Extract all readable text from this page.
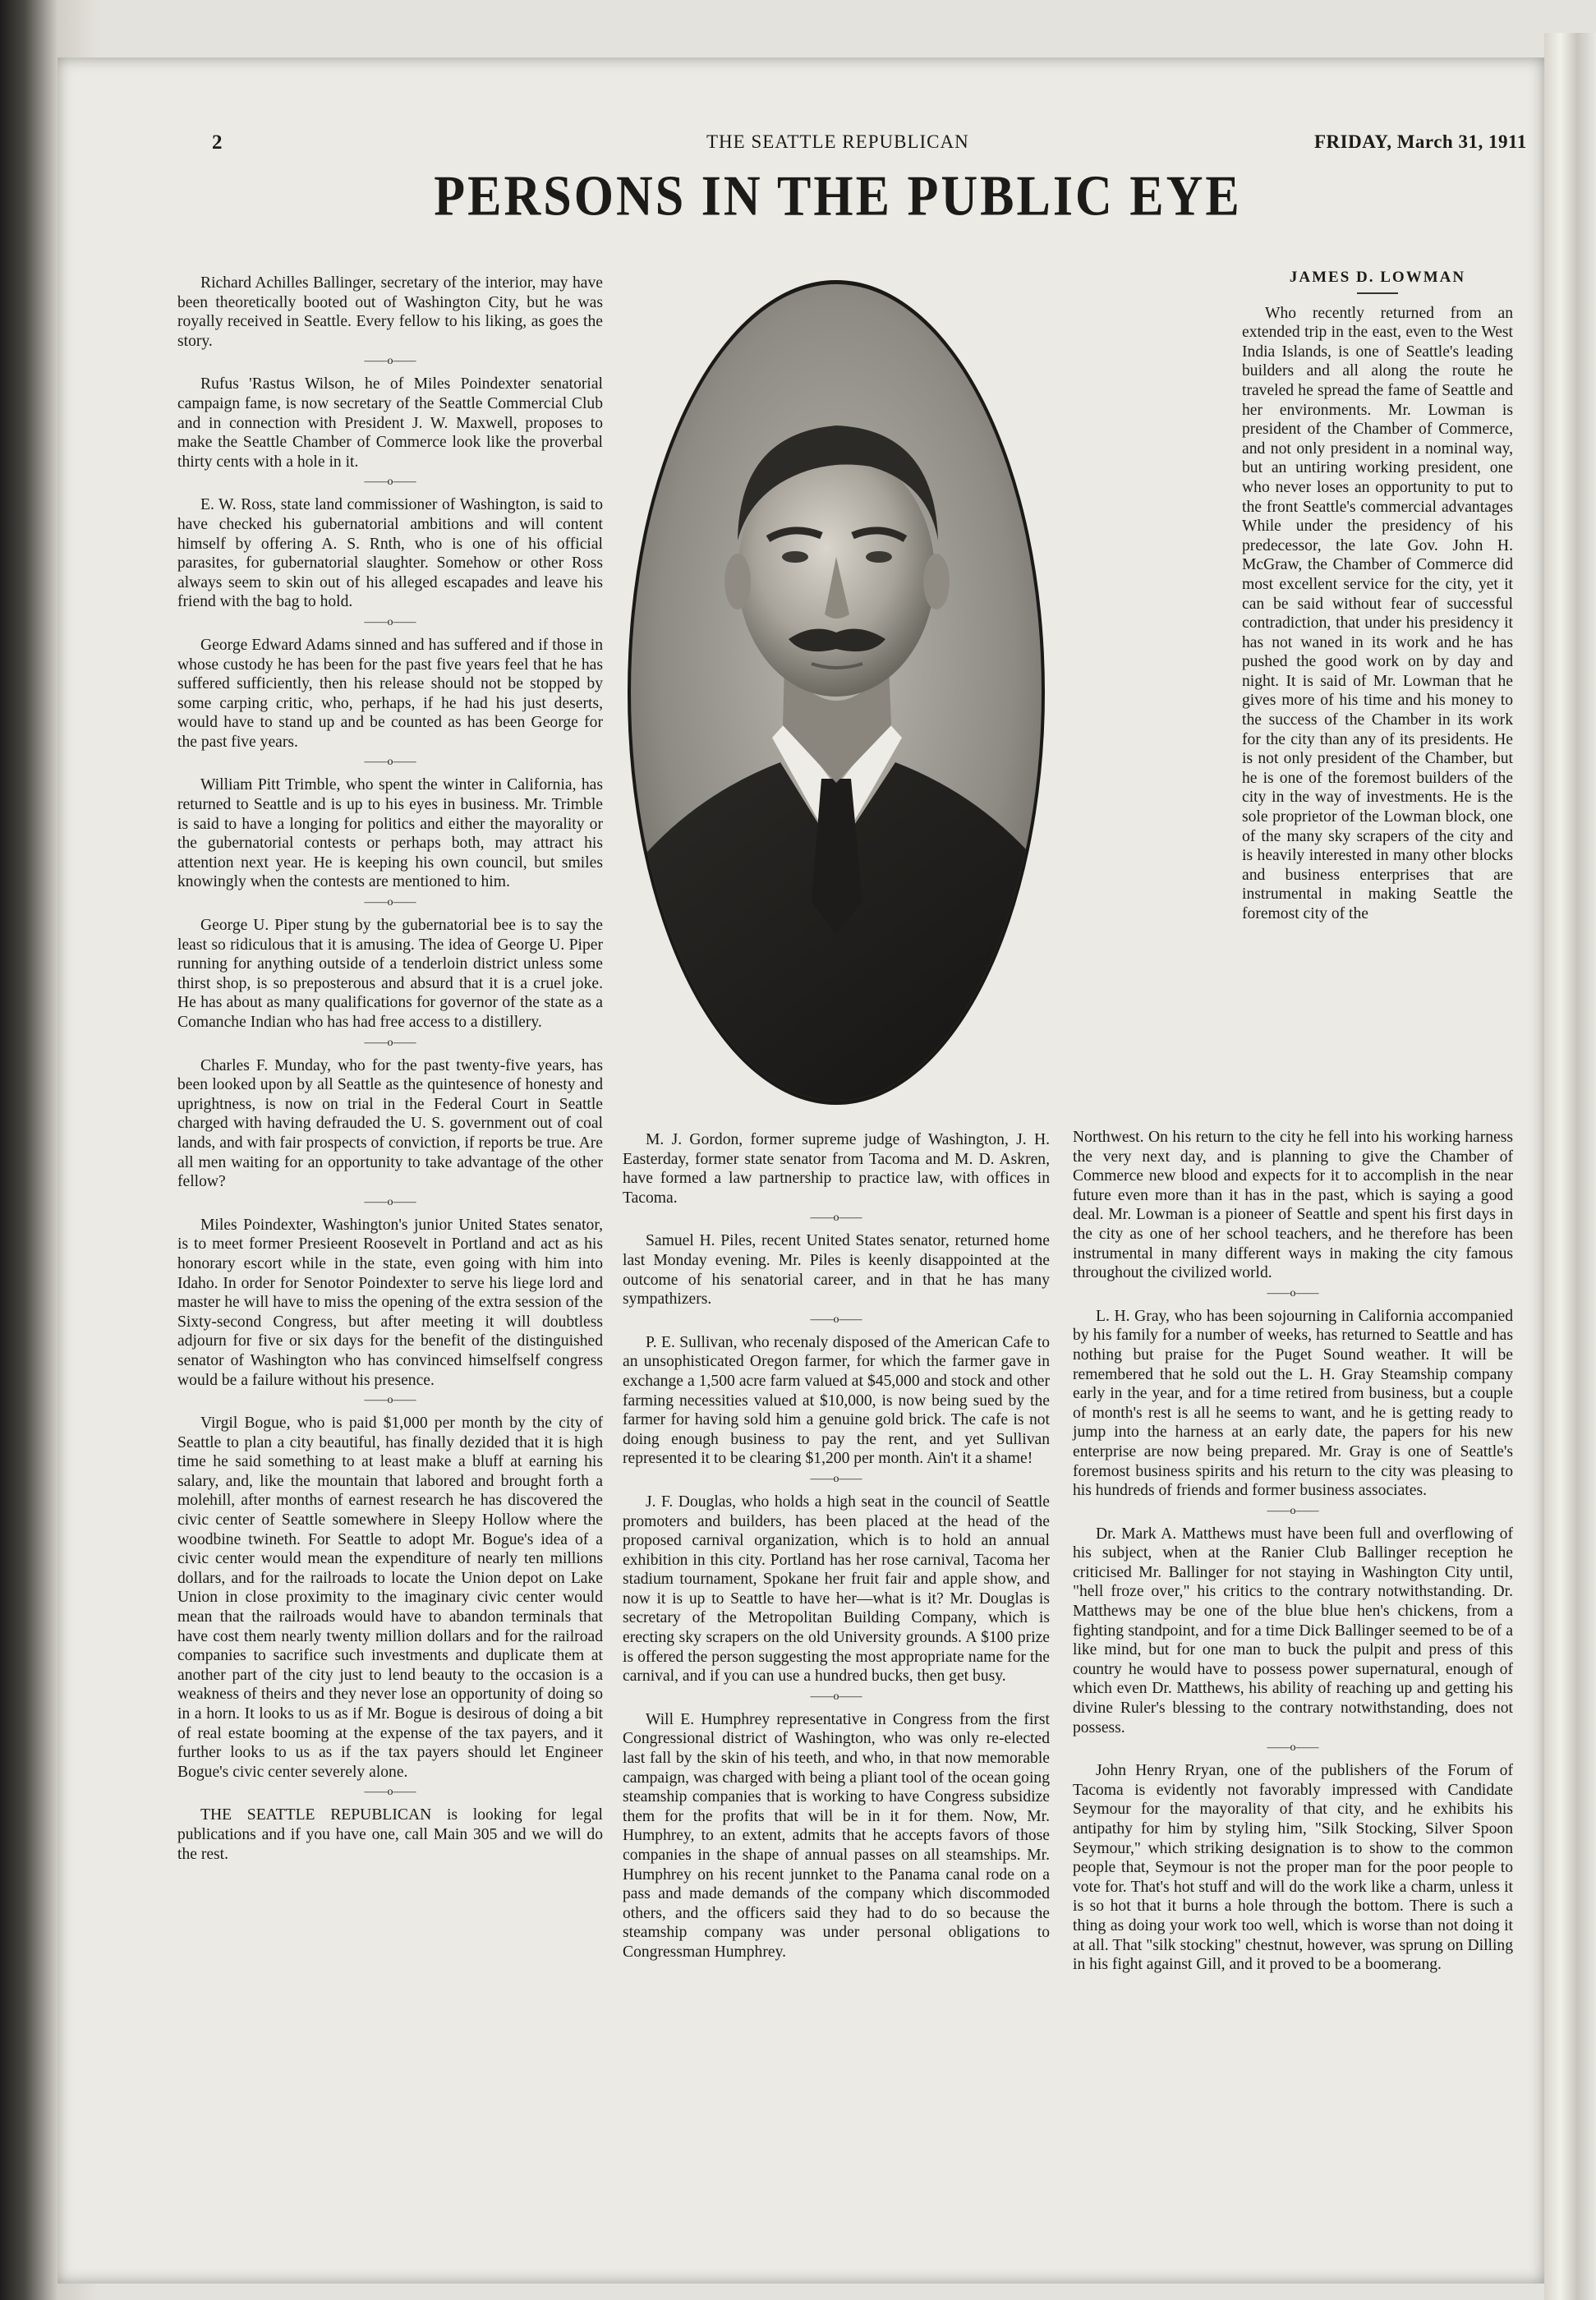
2	THE SEATTLE REPUBLICAN	FRIDAY, March 31, 1911
PERSONS IN THE PUBLIC EYE

Richard Achilles Ballinger, secretary of the interior, may have been theoretically booted out of Washington City, but he was royally received in Seattle. Every fellow to his liking, as goes the story.

——o——

Rufus 'Rastus Wilson, he of Miles Poindexter senatorial campaign fame, is now secretary of the Seattle Commercial Club and in connection with President J. W. Maxwell, proposes to make the Seattle Chamber of Commerce look like the proverbal thirty cents with a hole in it.

——o——

E. W. Ross, state land commissioner of Washington, is said to have checked his gubernatorial ambitions and will content himself by offering A. S. Rnth, who is one of his official parasites, for gubernatorial slaughter. Somehow or other Ross always seem to skin out of his alleged escapades and leave his friend with the bag to hold.

——o——

George Edward Adams sinned and has suffered and if those in whose custody he has been for the past five years feel that he has suffered sufficiently, then his release should not be stopped by some carping critic, who, perhaps, if he had his just deserts, would have to stand up and be counted as has been George for the past five years.

——o——

William Pitt Trimble, who spent the winter in California, has returned to Seattle and is up to his eyes in business. Mr. Trimble is said to have a longing for politics and either the mayorality or the gubernatorial contests or perhaps both, may attract his attention next year. He is keeping his own council, but smiles knowingly when the contests are mentioned to him.

——o——

George U. Piper stung by the gubernatorial bee is to say the least so ridiculous that it is amusing. The idea of George U. Piper running for anything outside of a tenderloin district unless some thirst shop, is so preposterous and absurd that it is a cruel joke. He has about as many qualifications for governor of the state as a Comanche Indian who has had free access to a distillery.

——o——

Charles F. Munday, who for the past twenty-five years, has been looked upon by all Seattle as the quintesence of honesty and uprightness, is now on trial in the Federal Court in Seattle charged with having defrauded the U. S. government out of coal lands, and with fair prospects of conviction, if reports be true. Are all men waiting for an opportunity to take advantage of the other fellow?

——o——

Miles Poindexter, Washington's junior United States senator, is to meet former Presieent Roosevelt in Portland and act as his honorary escort while in the state, even going with him into Idaho. In order for Senotor Poindexter to serve his liege lord and master he will have to miss the opening of the extra session of the Sixty-second Congress, but after meeting it will doubtless adjourn for five or six days for the benefit of the distinguished senator of Washington who has convinced himselfself congress would be a failure without his presence.

——o——

Virgil Bogue, who is paid $1,000 per month by the city of Seattle to plan a city beautiful, has finally dezided that it is high time he said something to at least make a bluff at earning his salary, and, like the mountain that labored and brought forth a molehill, after months of earnest research he has discovered the civic center of Seattle somewhere in Sleepy Hollow where the woodbine twineth. For Seattle to adopt Mr. Bogue's idea of a civic center would mean the expenditure of nearly ten millions dollars, and for the railroads to locate the Union depot on Lake Union in close proximity to the imaginary civic center would mean that the railroads would have to abandon terminals that have cost them nearly twenty million dollars and for the railroad companies to sacrifice such investments and duplicate them at another part of the city just to lend beauty to the occasion is a weakness of theirs and they never lose an opportunity of doing so in a horn. It looks to us as if Mr. Bogue is desirous of doing a bit of real estate booming at the expense of the tax payers, and it further looks to us as if the tax payers should let Engineer Bogue's civic center severely alone.

——o——

THE SEATTLE REPUBLICAN is looking for legal publications and if you have one, call Main 305 and we will do the rest.

M. J. Gordon, former supreme judge of Washington, J. H. Easterday, former state senator from Tacoma and M. D. Askren, have formed a law partnership to practice law, with offices in Tacoma.

——o——

Samuel H. Piles, recent United States senator, returned home last Monday evening. Mr. Piles is keenly disappointed at the outcome of his senatorial career, and in that he has many sympathizers.

——o——

P. E. Sullivan, who recenaly disposed of the American Cafe to an unsophisticated Oregon farmer, for which the farmer gave in exchange a 1,500 acre farm valued at $45,000 and stock and other farming necessities valued at $10,000, is now being sued by the farmer for having sold him a genuine gold brick. The cafe is not doing enough business to pay the rent, and yet Sullivan represented it to be clearing $1,200 per month. Ain't it a shame!

——o——

J. F. Douglas, who holds a high seat in the council of Seattle promoters and builders, has been placed at the head of the proposed carnival organization, which is to hold an annual exhibition in this city. Portland has her rose carnival, Tacoma her stadium tournament, Spokane her fruit fair and apple show, and now it is up to Seattle to have her—what is it? Mr. Douglas is secretary of the Metropolitan Building Company, which is erecting sky scrapers on the old University grounds. A $100 prize is offered the person suggesting the most appropriate name for the carnival, and if you can use a hundred bucks, then get busy.

——o——

Will E. Humphrey representative in Congress from the first Congressional district of Washington, who was only re-elected last fall by the skin of his teeth, and who, in that now memorable campaign, was charged with being a pliant tool of the ocean going steamship companies that is working to have Congress subsidize them for the profits that will be in it for them. Now, Mr. Humphrey, to an extent, admits that he accepts favors of those companies in the shape of annual passes on all steamships. Mr. Humphrey on his recent junnket to the Panama canal rode on a pass and made demands of the company which discommoded others, and the officers said they had to do so because the steamship company was under personal obligations to Congressman Humphrey.

JAMES D. LOWMAN

Who recently returned from an extended trip in the east, even to the West India Islands, is one of Seattle's leading builders and all along the route he traveled he spread the fame of Seattle and her environments. Mr. Lowman is president of the Chamber of Commerce, and not only president in a nominal way, but an untiring working president, one who never loses an opportunity to put to the front Seattle's commercial advantages While under the presidency of his predecessor, the late Gov. John H. McGraw, the Chamber of Commerce did most excellent service for the city, yet it can be said without fear of successful contradiction, that under his presidency it has not waned in its work and he has pushed the good work on by day and night. It is said of Mr. Lowman that he gives more of his time and his money to the success of the Chamber in its work for the city than any of its presidents. He is not only president of the Chamber, but he is one of the foremost builders of the city in the way of investments. He is the sole proprietor of the Lowman block, one of the many sky scrapers of the city and is heavily interested in many other blocks and business enterprises that are instrumental in making Seattle the foremost city of the

Northwest. On his return to the city he fell into his working harness the very next day, and is planning to give the Chamber of Commerce new blood and expects for it to accomplish in the near future even more than it has in the past, which is saying a good deal. Mr. Lowman is a pioneer of Seattle and spent his first days in the city as one of her school teachers, and he therefore has been instrumental in many different ways in making the city famous throughout the civilized world.

——o——

L. H. Gray, who has been sojourning in California accompanied by his family for a number of weeks, has returned to Seattle and has nothing but praise for the Puget Sound weather. It will be remembered that he sold out the L. H. Gray Steamship company early in the year, and for a time retired from business, but a couple of month's rest is all he seems to want, and he is getting ready to jump into the harness at an early date, the papers for his new enterprise are now being prepared. Mr. Gray is one of Seattle's foremost business spirits and his return to the city was pleasing to his hundreds of friends and former business associates.

——o——

Dr. Mark A. Matthews must have been full and overflowing of his subject, when at the Ranier Club Ballinger reception he criticised Mr. Ballinger for not staying in Washington City until, "hell froze over," his critics to the contrary notwithstanding. Dr. Matthews may be one of the blue blue hen's chickens, from a fighting standpoint, and for a time Dick Ballinger seemed to be of a like mind, but for one man to buck the pulpit and press of this country he would have to possess power supernatural, enough of which even Dr. Matthews, his ability of reaching up and getting his divine Ruler's blessing to the contrary notwithstanding, does not possess.

——o——

John Henry Rryan, one of the publishers of the Forum of Tacoma is evidently not favorably impressed with Candidate Seymour for the mayorality of that city, and he exhibits his antipathy for him by styling him, "Silk Stocking, Silver Spoon Seymour," which striking designation is to show to the common people that, Seymour is not the proper man for the poor people to vote for. That's hot stuff and will do the work like a charm, unless it is so hot that it burns a hole through the bottom. There is such a thing as doing your work too well, which is worse than not doing it at all. That "silk stocking" chestnut, however, was sprung on Dilling in his fight against Gill, and it proved to be a boomerang.
